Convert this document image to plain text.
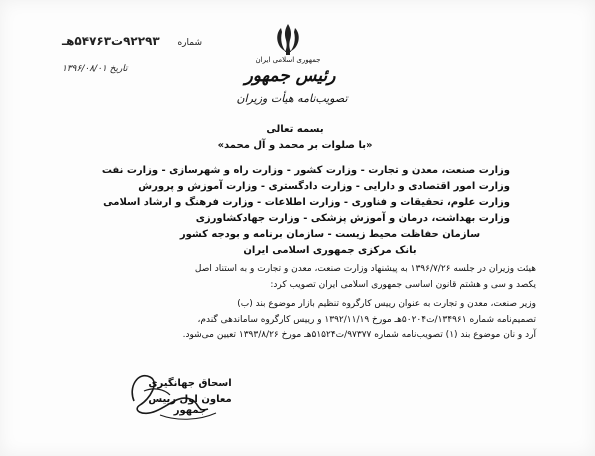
شماره
۹۲۲۹۳ت۵۴۷۶۳هـ
تاریخ ۱۳۹۶/۰۸/۰۱
جمهوری اسلامی ایران
رئیس جمهور
تصویب‌نامه هیأت وزیران
بسمه تعالی
«با صلوات بر محمد و آل محمد»
وزارت صنعت، معدن و تجارت - وزارت کشور - وزارت راه و شهرسازی - وزارت نفت
وزارت امور اقتصادی و دارایی - وزارت دادگستری - وزارت آموزش و پرورش
وزارت علوم، تحقیقات و فناوری - وزارت اطلاعات - وزارت فرهنگ و ارشاد اسلامی
وزارت بهداشت، درمان و آموزش پزشکی - وزارت جهادکشاورزی
سازمان حفاظت محیط زیست - سازمان برنامه و بودجه کشور
بانک مرکزی جمهوری اسلامی ایران
هیئت وزیران در جلسه ۱۳۹۶/۷/۲۶ به پیشنهاد وزارت صنعت، معدن و تجارت و به استناد اصل
یکصد و سی و هشتم قانون اساسی جمهوری اسلامی ایران تصویب کرد:
وزیر صنعت، معدن و تجارت به عنوان رییس کارگروه تنظیم بازار موضوع بند (ب)
تصمیم‌نامه شماره ۱۳۴۹۶۱/ت۵۰۲۰۴هـ مورخ ۱۳۹۲/۱۱/۱۹ و رییس کارگروه ساماندهی گندم،
آرد و نان موضوع بند (۱) تصویب‌نامه شماره ۹۷۳۷۷/ت۵۱۵۲۴هـ مورخ ۱۳۹۳/۸/۲۶ تعیین می‌شود.
اسحاق جهانگیری
معاون اول رییس جمهور
